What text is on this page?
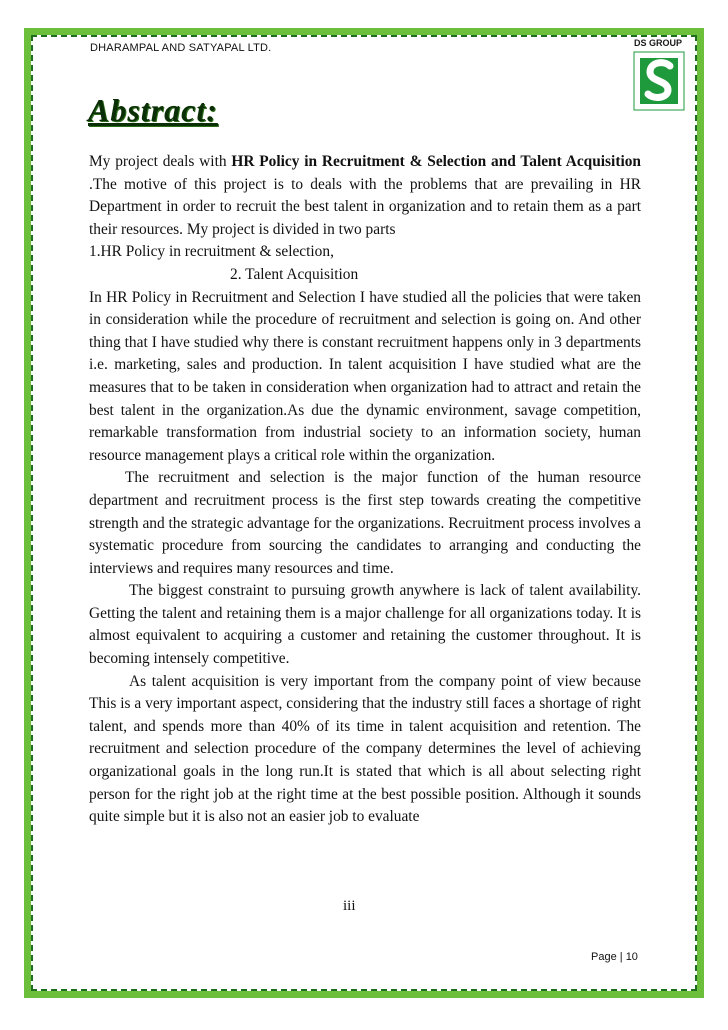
DHARAMPAL AND SATYAPAL LTD.	DS GROUP
Abstract:

My project deals with HR Policy in Recruitment & Selection and Talent Acquisition .The motive of this project is to deals with the problems that are prevailing in HR Department in order to recruit the best talent in organization and to retain them as a part their resources. My project is divided in two parts

1.HR Policy in recruitment & selection,

2. Talent Acquisition

In HR Policy in Recruitment and Selection I have studied all the policies that were taken in consideration while the procedure of recruitment and selection is going on. And other thing that I have studied why there is constant recruitment happens only in 3 departments i.e. marketing, sales and production. In talent acquisition I have studied what are the measures that to be taken in consideration when organization had to attract and retain the best talent in the organization.As due the dynamic environment, savage competition, remarkable transformation from industrial society to an information society, human resource management plays a critical role within the organization.

The recruitment and selection is the major function of the human resource department and recruitment process is the first step towards creating the competitive strength and the strategic advantage for the organizations. Recruitment process involves a systematic procedure from sourcing the candidates to arranging and conducting the interviews and requires many resources and time.

The biggest constraint to pursuing growth anywhere is lack of talent availability. Getting the talent and retaining them is a major challenge for all organizations today. It is almost equivalent to acquiring a customer and retaining the customer throughout. It is becoming intensely competitive.

As talent acquisition is very important from the company point of view because This is a very important aspect, considering that the industry still faces a shortage of right talent, and spends more than 40% of its time in talent acquisition and retention. The recruitment and selection procedure of the company determines the level of achieving organizational goals in the long run.It is stated that which is all about selecting right person for the right job at the right time at the best possible position. Although it sounds quite simple but it is also not an easier job to evaluate

iii
Page | 10
